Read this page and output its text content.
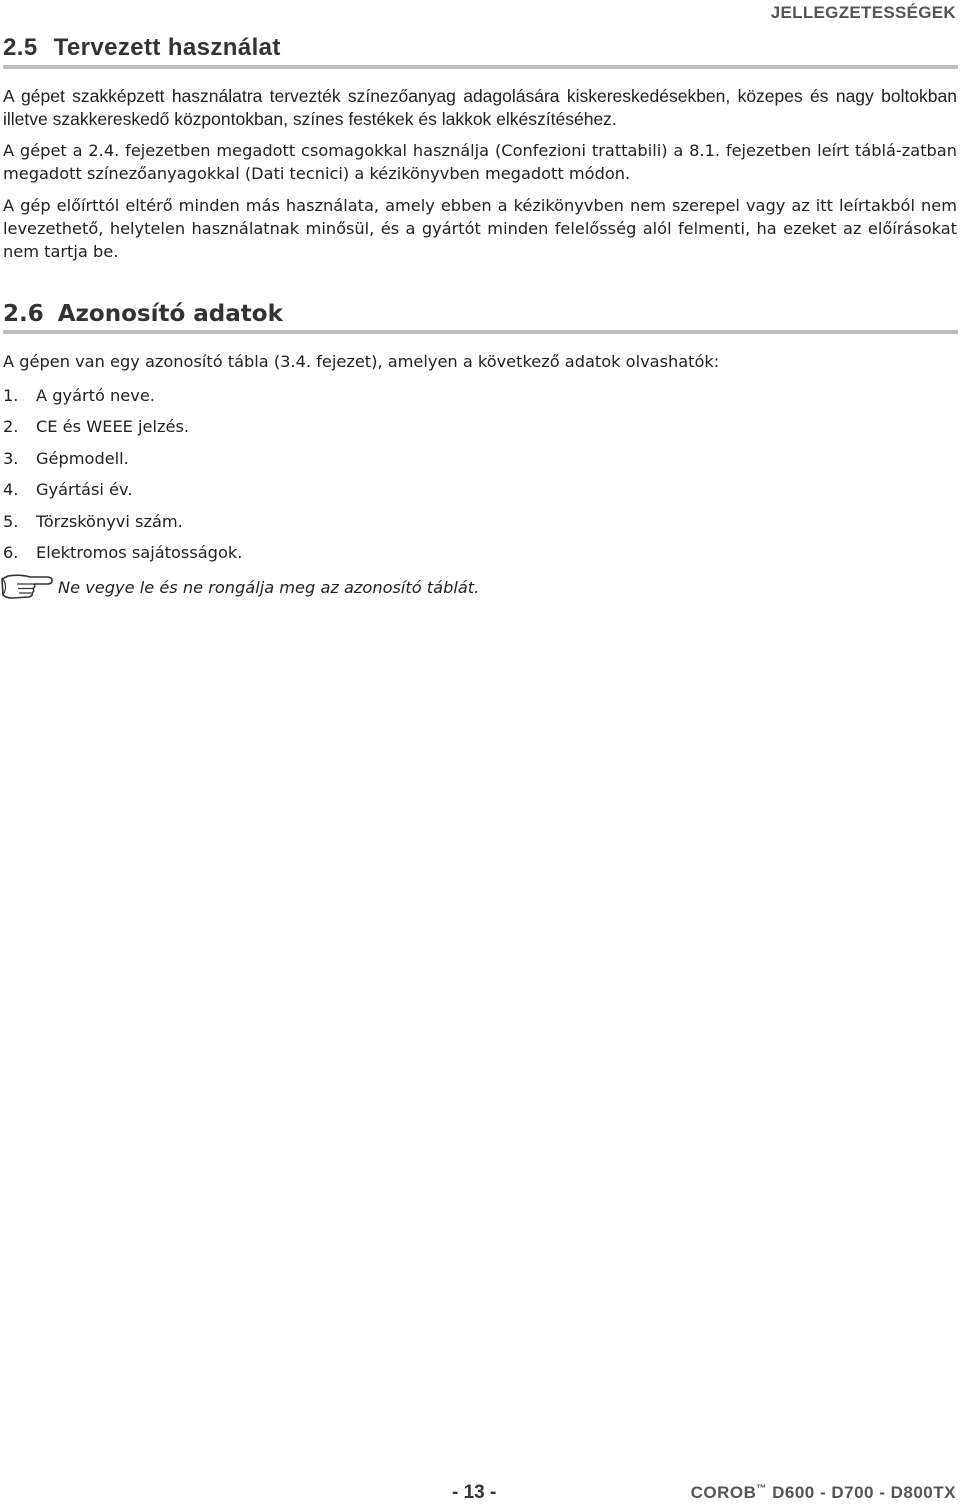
JELLEGZETESSÉGEK
2.5 Tervezett használat

A gépet szakképzett használatra tervezték színezőanyag adagolására kiskereskedésekben, közepes és nagy boltokban illetve szakkereskedő központokban, színes festékek és lakkok elkészítéséhez.

A gépet a 2.4. fejezetben megadott csomagokkal használja (Confezioni trattabili) a 8.1. fejezetben leírt táblá-zatban megadott színezőanyagokkal (Dati tecnici) a kézikönyvben megadott módon.

A gép előírttól eltérő minden más használata, amely ebben a kézikönyvben nem szerepel vagy az itt leírtakból nem levezethető, helytelen használatnak minősül, és a gyártót minden felelősség alól felmenti, ha ezeket az előírásokat nem tartja be.

2.6 Azonosító adatok

A gépen van egy azonosító tábla (3.4. fejezet), amelyen a következő adatok olvashatók:

1. A gyártó neve.
2. CE és WEEE jelzés.
3. Gépmodell.
4. Gyártási év.
5. Törzskönyvi szám.
6. Elektromos sajátosságok.
Ne vegye le és ne rongálja meg az azonosító táblát.
- 13 -	COROB™ D600 - D700 - D800TX
